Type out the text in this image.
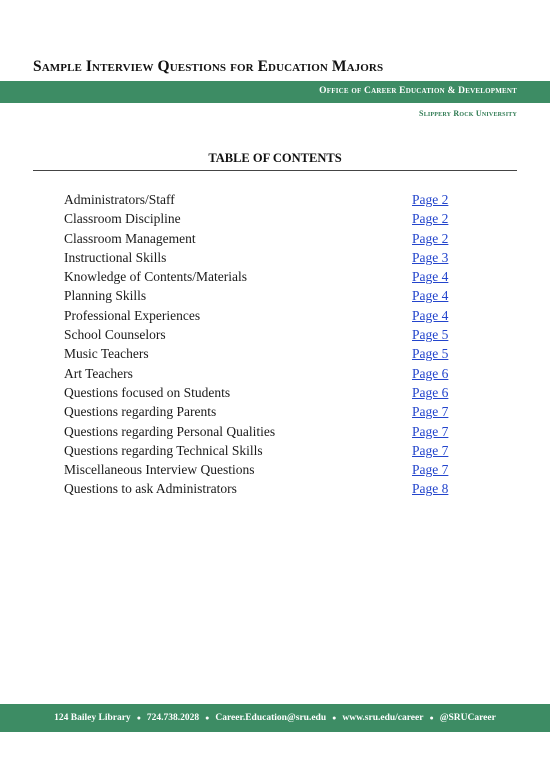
Sample Interview Questions for Education Majors
Office of Career Education & Development
Slippery Rock University
TABLE OF CONTENTS
Administrators/Staff	Page 2
Classroom Discipline	Page 2
Classroom Management	Page 2
Instructional Skills	Page 3
Knowledge of Contents/Materials	Page 4
Planning Skills	Page 4
Professional Experiences	Page 4
School Counselors	Page 5
Music Teachers	Page 5
Art Teachers	Page 6
Questions focused on Students	Page 6
Questions regarding Parents	Page 7
Questions regarding Personal Qualities	Page 7
Questions regarding Technical Skills	Page 7
Miscellaneous Interview Questions	Page 7
Questions to ask Administrators	Page 8
124 Bailey Library ● 724.738.2028 ● Career.Education@sru.edu ● www.sru.edu/career ● @SRUCareer
